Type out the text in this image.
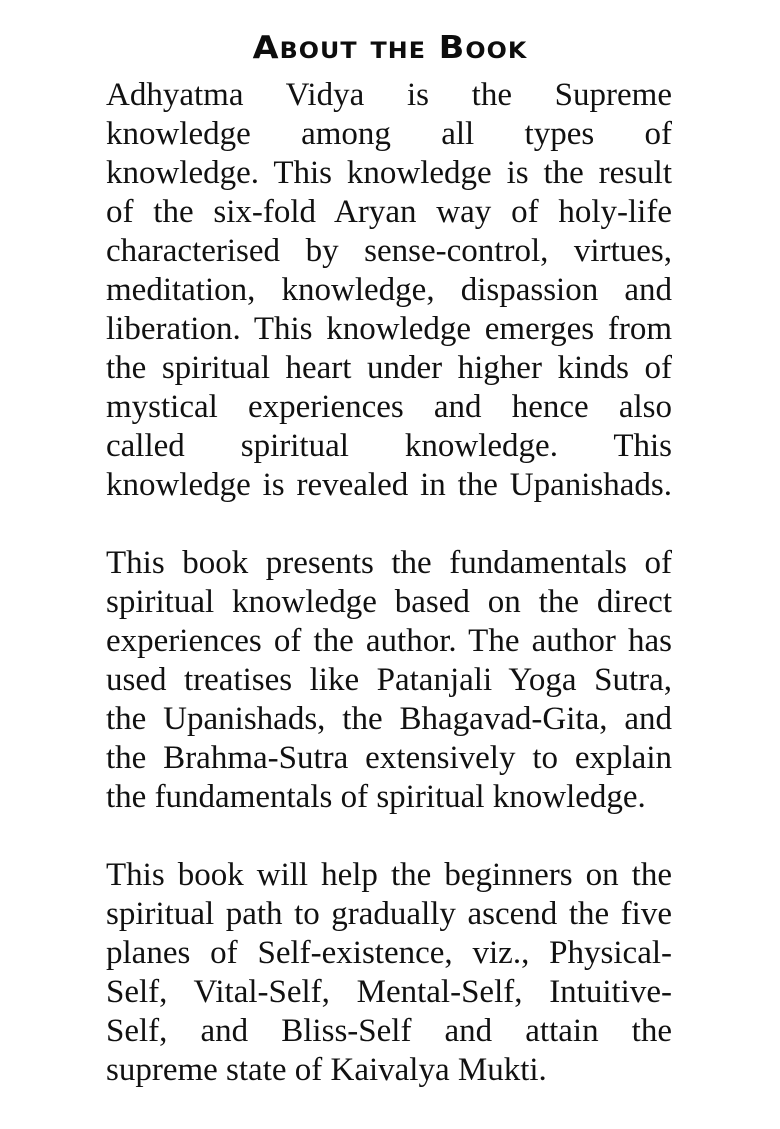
About the Book

Adhyatma Vidya is the Supreme
knowledge among all types of
knowledge. This knowledge is the result
of the six-fold Aryan way of holy-life
characterised by sense-control, virtues,
meditation, knowledge, dispassion and
liberation. This knowledge emerges from
the spiritual heart under higher kinds of
mystical experiences and hence also
called spiritual knowledge. This
knowledge is revealed in the Upanishads.

This book presents the fundamentals of
spiritual knowledge based on the direct
experiences of the author. The author has
used treatises like Patanjali Yoga Sutra,
the Upanishads, the Bhagavad-Gita, and
the Brahma-Sutra extensively to explain
the fundamentals of spiritual knowledge.

This book will help the beginners on the
spiritual path to gradually ascend the five
planes of Self-existence, viz., Physical-
Self, Vital-Self, Mental-Self, Intuitive-
Self, and Bliss-Self and attain the
supreme state of Kaivalya Mukti.
